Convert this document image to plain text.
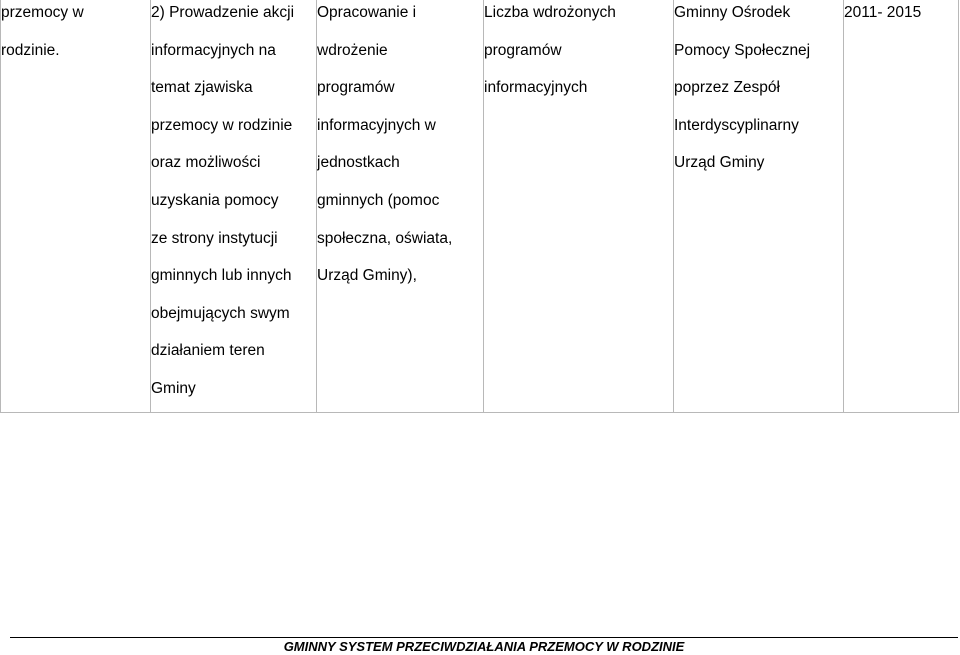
przemocy w
rodzinie.

2) Prowadzenie akcji
informacyjnych na
temat zjawiska
przemocy w rodzinie
oraz możliwości
uzyskania pomocy
ze strony instytucji
gminnych lub innych
obejmujących swym
działaniem teren
Gminy

Opracowanie i
wdrożenie
programów
informacyjnych w
jednostkach
gminnych (pomoc
społeczna, oświata,
Urząd Gminy),

Liczba wdrożonych
programów
informacyjnych

Gminny Ośrodek
Pomocy Społecznej
poprzez Zespół
Interdyscyplinarny
Urząd Gminy

2011- 2015
GMINNY SYSTEM PRZECIWDZIAŁANIA PRZEMOCY W RODZINIE
